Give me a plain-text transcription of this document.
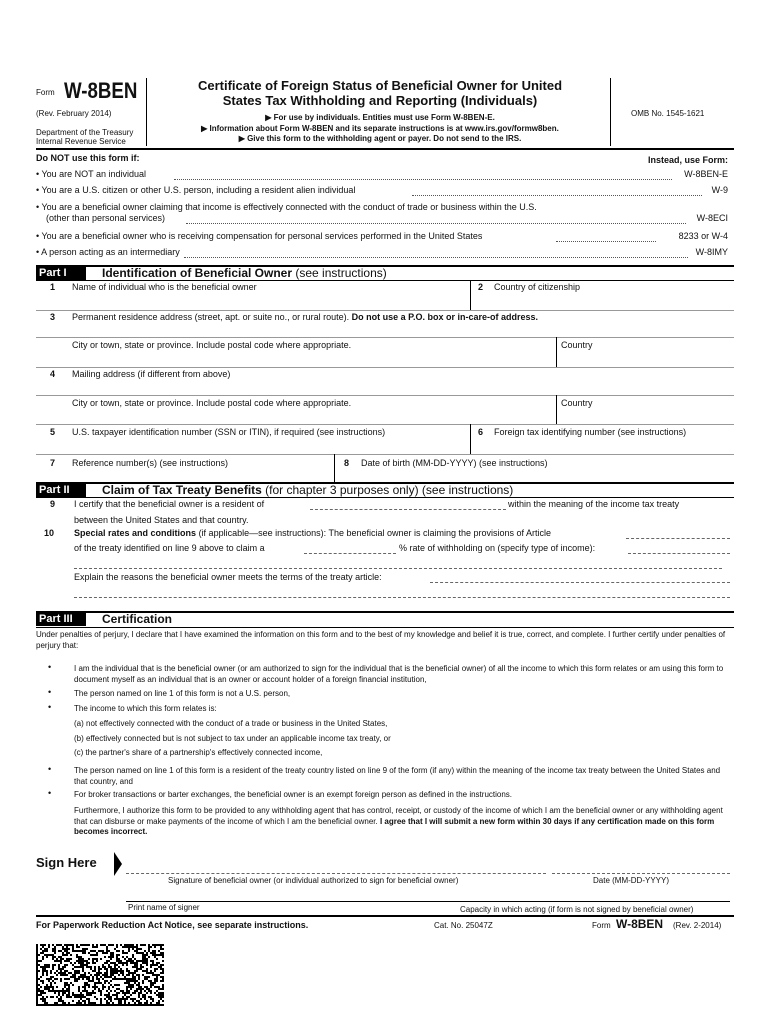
Form W-8BEN
(Rev. February 2014)
Department of the Treasury
Internal Revenue Service
Certificate of Foreign Status of Beneficial Owner for United
States Tax Withholding and Reporting (Individuals)
▶ For use by individuals. Entities must use Form W-8BEN-E.
▶ Information about Form W-8BEN and its separate instructions is at www.irs.gov/formw8ben.
▶ Give this form to the withholding agent or payer. Do not send to the IRS.
OMB No. 1545-1621
Do NOT use this form if:	Instead, use Form:
• You are NOT an individual	W-8BEN-E
• You are a U.S. citizen or other U.S. person, including a resident alien individual	W-9
• You are a beneficial owner claiming that income is effectively connected with the conduct of trade or business within the U.S.
(other than personal services)	W-8ECI
• You are a beneficial owner who is receiving compensation for personal services performed in the United States	8233 or W-4
• A person acting as an intermediary	W-8IMY
Part I	Identification of Beneficial Owner (see instructions)
1 Name of individual who is the beneficial owner	2 Country of citizenship
3 Permanent residence address (street, apt. or suite no., or rural route). Do not use a P.O. box or in-care-of address.
City or town, state or province. Include postal code where appropriate.	Country
4 Mailing address (if different from above)
City or town, state or province. Include postal code where appropriate.	Country
5 U.S. taxpayer identification number (SSN or ITIN), if required (see instructions)	6 Foreign tax identifying number (see instructions)
7 Reference number(s) (see instructions)	8 Date of birth (MM-DD-YYYY) (see instructions)
Part II	Claim of Tax Treaty Benefits (for chapter 3 purposes only) (see instructions)
9 I certify that the beneficial owner is a resident of	within the meaning of the income tax treaty
between the United States and that country.
10 Special rates and conditions (if applicable—see instructions): The beneficial owner is claiming the provisions of Article
of the treaty identified on line 9 above to claim a	% rate of withholding on (specify type of income):
Explain the reasons the beneficial owner meets the terms of the treaty article:
Part III	Certification
Under penalties of perjury, I declare that I have examined the information on this form and to the best of my knowledge and belief it is true, correct, and complete. I further certify under penalties of perjury that:
•	I am the individual that is the beneficial owner (or am authorized to sign for the individual that is the beneficial owner) of all the income to which this form relates or am using this form to document myself as an individual that is an owner or account holder of a foreign financial institution,
•	The person named on line 1 of this form is not a U.S. person,
•	The income to which this form relates is:
(a) not effectively connected with the conduct of a trade or business in the United States,
(b) effectively connected but is not subject to tax under an applicable income tax treaty, or
(c) the partner's share of a partnership's effectively connected income,
•	The person named on line 1 of this form is a resident of the treaty country listed on line 9 of the form (if any) within the meaning of the income tax treaty between the United States and that country, and
•	For broker transactions or barter exchanges, the beneficial owner is an exempt foreign person as defined in the instructions.
Furthermore, I authorize this form to be provided to any withholding agent that has control, receipt, or custody of the income of which I am the beneficial owner or any withholding agent that can disburse or make payments of the income of which I am the beneficial owner. I agree that I will submit a new form within 30 days if any certification made on this form becomes incorrect.
Sign Here
Signature of beneficial owner (or individual authorized to sign for beneficial owner)	Date (MM-DD-YYYY)
Print name of signer	Capacity in which acting (if form is not signed by beneficial owner)
For Paperwork Reduction Act Notice, see separate instructions.	Cat. No. 25047Z	Form W-8BEN (Rev. 2-2014)
